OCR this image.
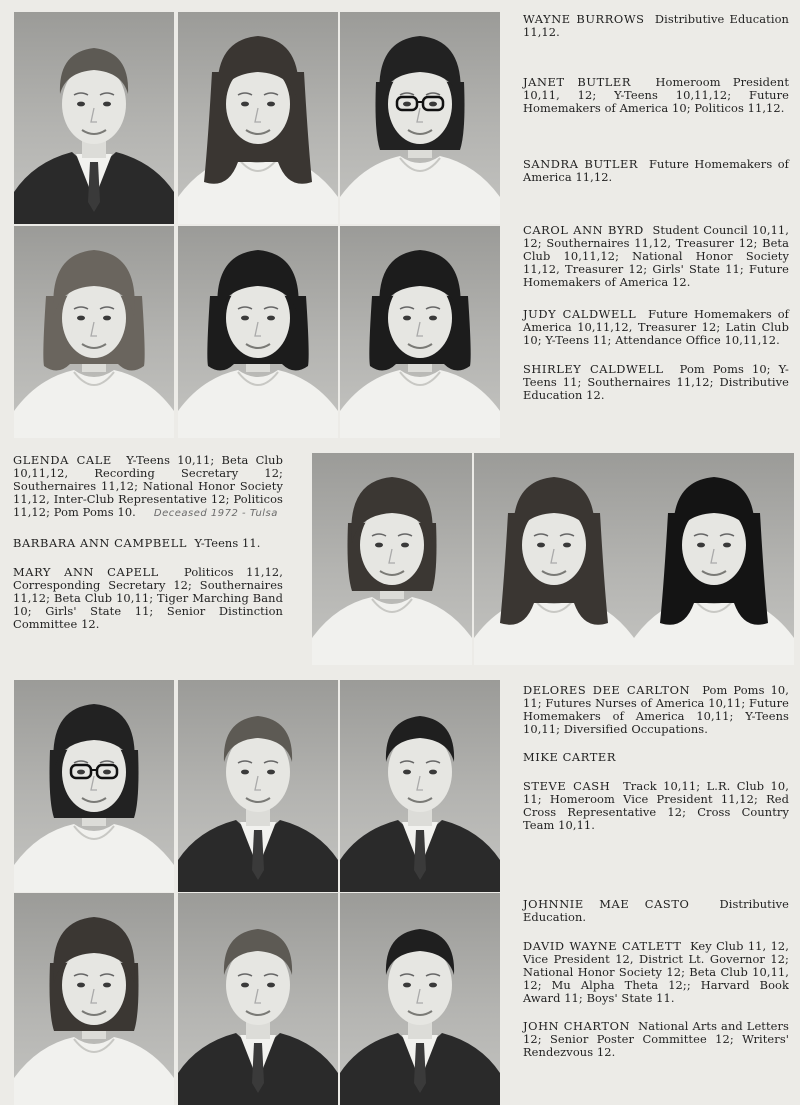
WAYNE BURROWS Distributive Education 11,12.
JANET BUTLER Homeroom President 10,11, 12; Y-Teens 10,11,12; Future Homemakers of America 10; Politicos 11,12.
SANDRA BUTLER Future Homemakers of America 11,12.
CAROL ANN BYRD Student Council 10,11, 12; Southernaires 11,12, Treasurer 12; Beta Club 10,11,12; National Honor Society 11,12, Treasurer 12; Girls' State 11; Future Homemakers of America 12.
JUDY CALDWELL Future Homemakers of America 10,11,12, Treasurer 12; Latin Club 10; Y-Teens 11; Attendance Office 10,11,12.
SHIRLEY CALDWELL Pom Poms 10; Y-Teens 11; Southernaires 11,12; Distributive Education 12.
GLENDA CALE Y-Teens 10,11; Beta Club 10,11,12, Recording Secretary 12; Southernaires 11,12; National Honor Society 11,12, Inter-Club Representative 12; Politicos 11,12; Pom Poms 10. Deceased 1972 - Tulsa
BARBARA ANN CAMPBELL Y-Teens 11.
MARY ANN CAPELL Politicos 11,12, Corresponding Secretary 12; Southernaires 11,12; Beta Club 10,11; Tiger Marching Band 10; Girls' State 11; Senior Distinction Committee 12.
DELORES DEE CARLTON Pom Poms 10, 11; Futures Nurses of America 10,11; Future Homemakers of America 10,11; Y-Teens 10,11; Diversified Occupations.
MIKE CARTER
STEVE CASH Track 10,11; L.R. Club 10, 11; Homeroom Vice President 11,12; Red Cross Representative 12; Cross Country Team 10,11.
JOHNNIE MAE CASTO	Distributive Education.
DAVID WAYNE CATLETT Key Club 11, 12, Vice President 12, District Lt. Governor 12; National Honor Society 12; Beta Club 10,11, 12; Mu Alpha Theta 12;; Harvard Book Award 11; Boys' State 11.
JOHN CHARTON National Arts and Letters 12; Senior Poster Committee 12; Writers' Rendezvous 12.
